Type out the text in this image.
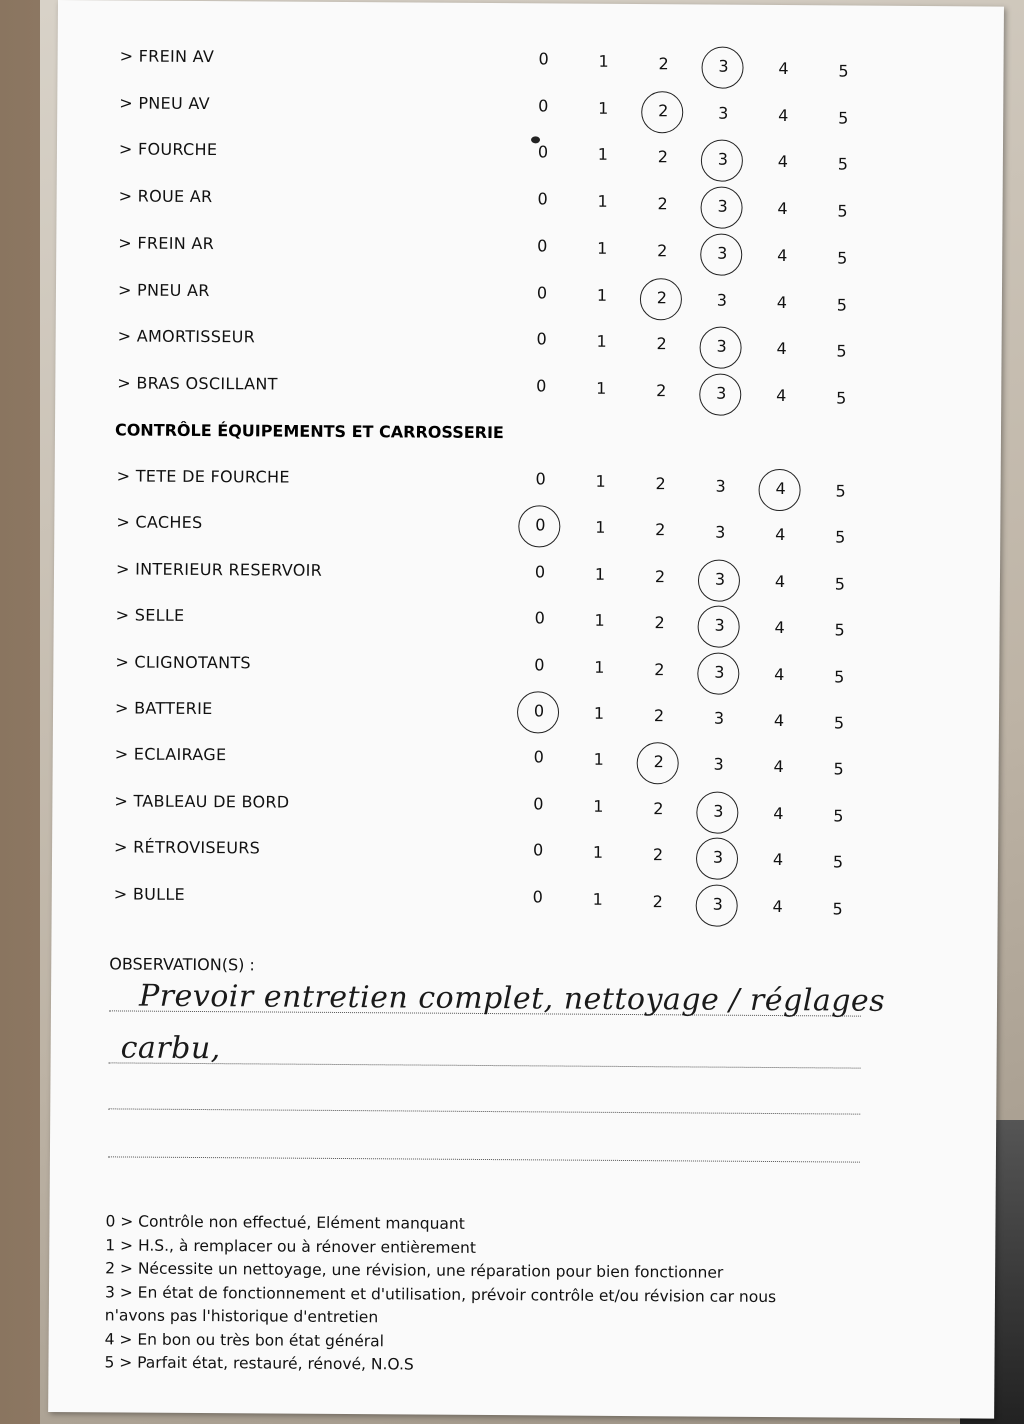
> FREIN AV	0	1	2	3	4	5
> PNEU AV	0	1	2	3	4	5
> FOURCHE	0	1	2	3	4	5
> ROUE AR	0	1	2	3	4	5
> FREIN AR	0	1	2	3	4	5
> PNEU AR	0	1	2	3	4	5
> AMORTISSEUR	0	1	2	3	4	5
> BRAS OSCILLANT	0	1	2	3	4	5
CONTRÔLE ÉQUIPEMENTS ET CARROSSERIE
> TETE DE FOURCHE	0	1	2	3	4	5
> CACHES	0	1	2	3	4	5
> INTERIEUR RESERVOIR	0	1	2	3	4	5
> SELLE	0	1	2	3	4	5
> CLIGNOTANTS	0	1	2	3	4	5
> BATTERIE	0	1	2	3	4	5
> ECLAIRAGE	0	1	2	3	4	5
> TABLEAU DE BORD	0	1	2	3	4	5
> RÉTROVISEURS	0	1	2	3	4	5
> BULLE	0	1	2	3	4	5
OBSERVATION(S) :
Prevoir entretien complet, nettoyage / réglages
carbu,
0 > Contrôle non effectué, Elément manquant
1 > H.S., à remplacer ou à rénover entièrement
2 > Nécessite un nettoyage, une révision, une réparation pour bien fonctionner
3 > En état de fonctionnement et d'utilisation, prévoir contrôle et/ou révision car nous
n'avons pas l'historique d'entretien
4 > En bon ou très bon état général
5 > Parfait état, restauré, rénové, N.O.S
